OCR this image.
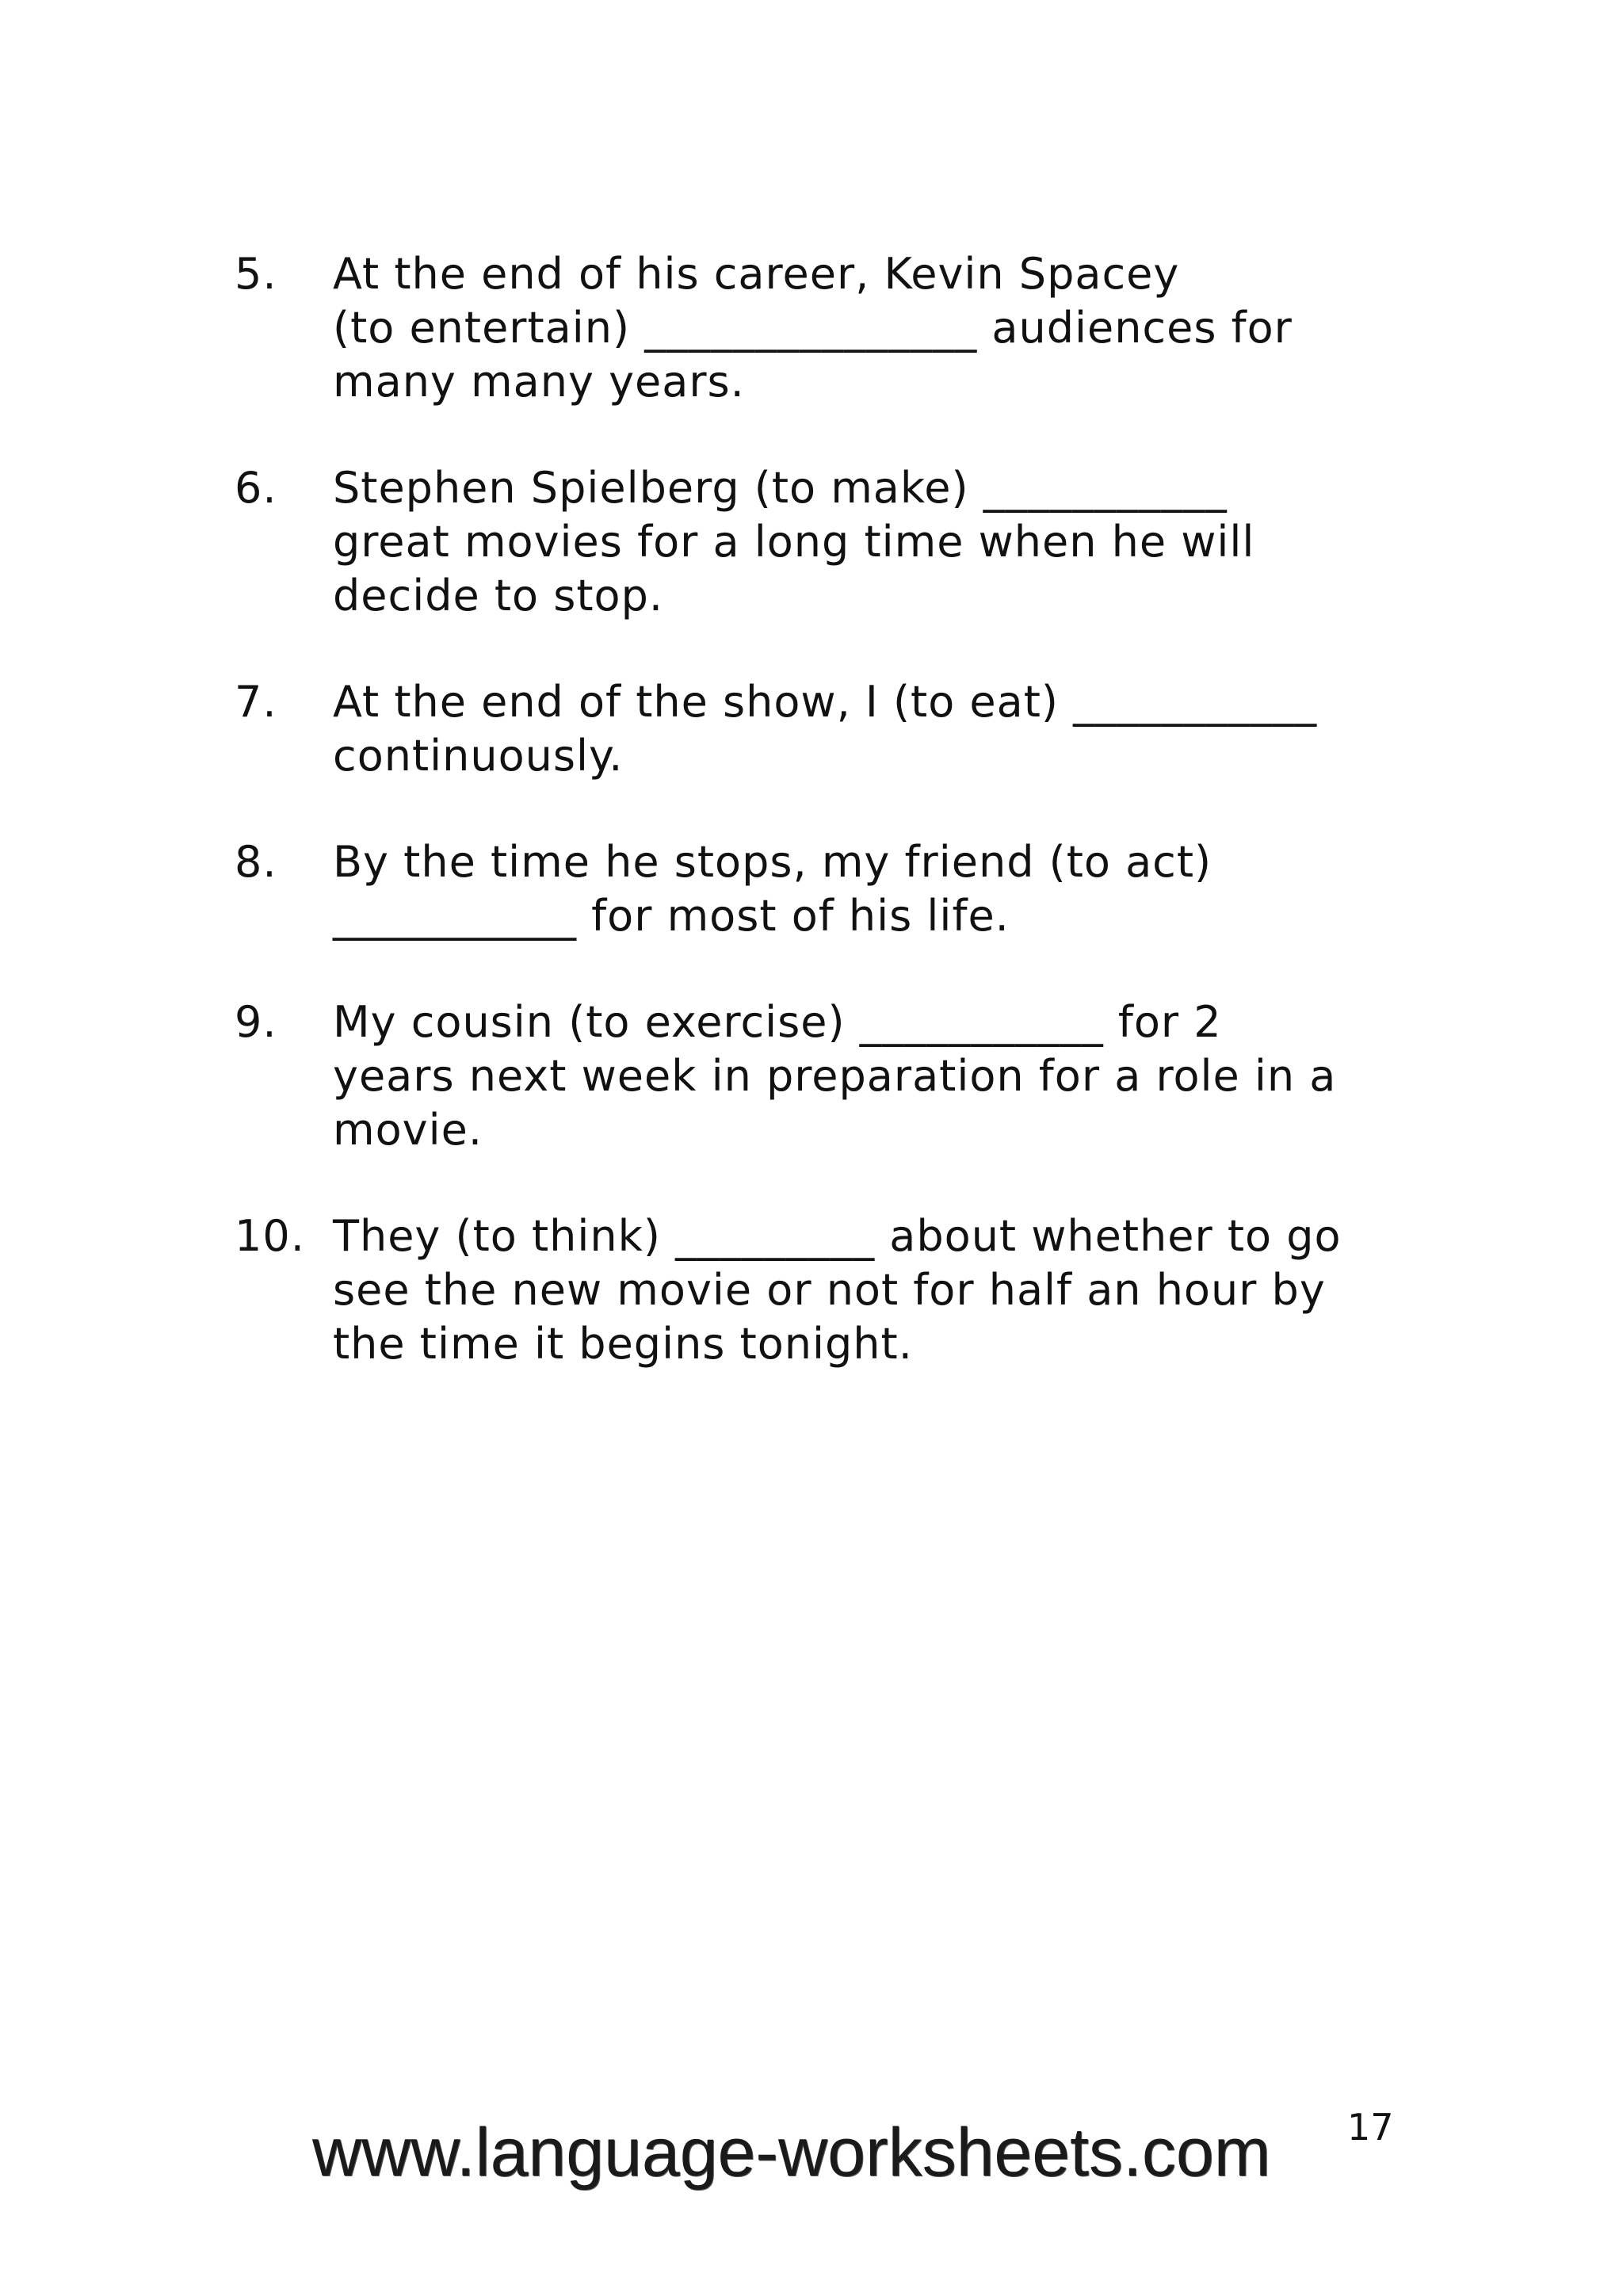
5.	At the end of his career, Kevin Spacey
(to entertain) _______________ audiences for
many many years.
6.	Stephen Spielberg (to make) ___________
great movies for a long time when he will
decide to stop.
7.	At the end of the show, I (to eat) ___________
continuously.
8.	By the time he stops, my friend (to act)
___________ for most of his life.
9.	My cousin (to exercise) ___________ for 2
years next week in preparation for a role in a
movie.
10. They (to think) _________ about whether to go
see the new movie or not for half an hour by
the time it begins tonight.
www.language-worksheets.com 17
